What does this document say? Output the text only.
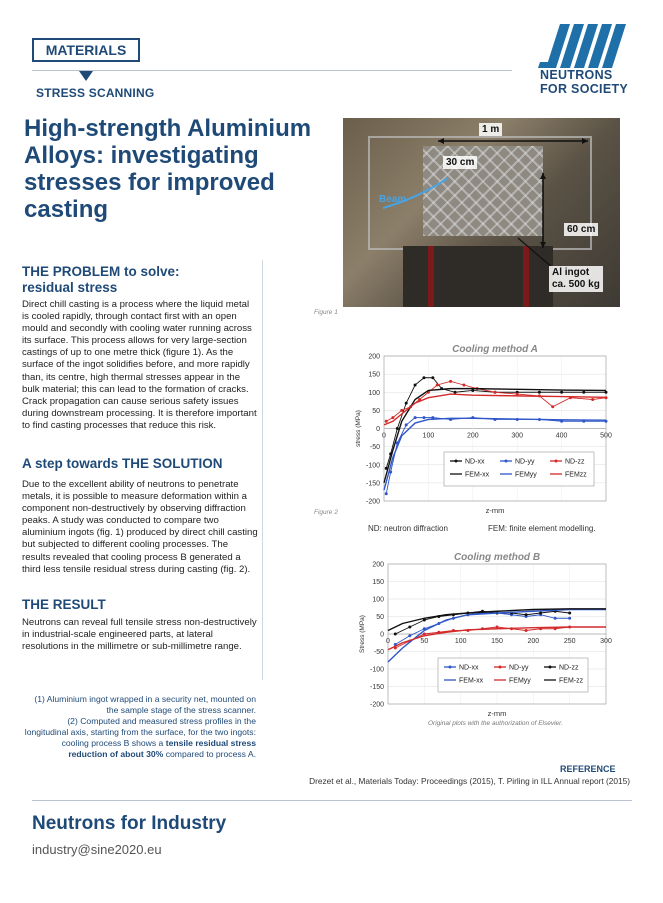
MATERIALS
STRESS SCANNING
NEUTRONS
FOR SOCIETY
High-strength Aluminium Alloys: investigating stresses for improved casting
THE PROBLEM to solve:
residual stress

Direct chill casting is a process where the liquid metal is cooled rapidly, through contact first with an open mould and secondly with cooling water running across its surface. This process allows for very large-section castings of up to one metre thick (figure 1). As the surface of the ingot solidifies before, and more rapidly than, its centre, high thermal stresses appear in the bulk material; this can lead to the formation of cracks. Crack propagation can cause serious safety issues during downstream processing. It is therefore important to find casting processes that reduce this risk.

A step towards THE SOLUTION

Due to the excellent ability of neutrons to penetrate metals, it is possible to measure deformation within a component non-destructively by observing diffraction peaks. A study was conducted to compare two aluminium ingots (fig. 1) produced by direct chill casting but subjected to different cooling processes. The results revealed that cooling process B generated a third less tensile residual stress during casting (fig. 2).

THE RESULT

Neutrons can reveal full tensile stress non-destructively in industrial-scale engineered parts, at lateral resolutions in the millimetre or sub-millimetre range.

(1) Aluminium ingot wrapped in a security net, mounted on the sample stage of the stress scanner.
(2) Computed and measured stress profiles in the longitudinal axis, starting from the surface, for the two ingots: cooling process B shows a tensile residual stress reduction of about 30% compared to process A.
1 m
30 cm
Beam
60 cm
Al ingot
ca. 500 kg
Figure 1
-200
-150
-100
-50
0
50
100
150
200
0	100	200	300	400	500
Cooling method A
stress (MPa)
z-mm
ND-xx	ND-yy	ND-zz
FEM-xx	FEMyy	FEMzz
Figure 2
ND: neutron diffraction	FEM: finite element modelling.
-200
-150
-100
-50
0
50
100
150
200
0	50	100	150	200	250	300
Cooling method B
Stress (MPa)
z-mm
ND-xx	ND-yy	ND-zz
FEM-xx	FEMyy	FEM-zz
Original plots with the authorization of Elsevier.
REFERENCE
Drezet et al., Materials Today: Proceedings (2015), T. Pirling in ILL Annual report (2015)
Neutrons for Industry
industry@sine2020.eu
